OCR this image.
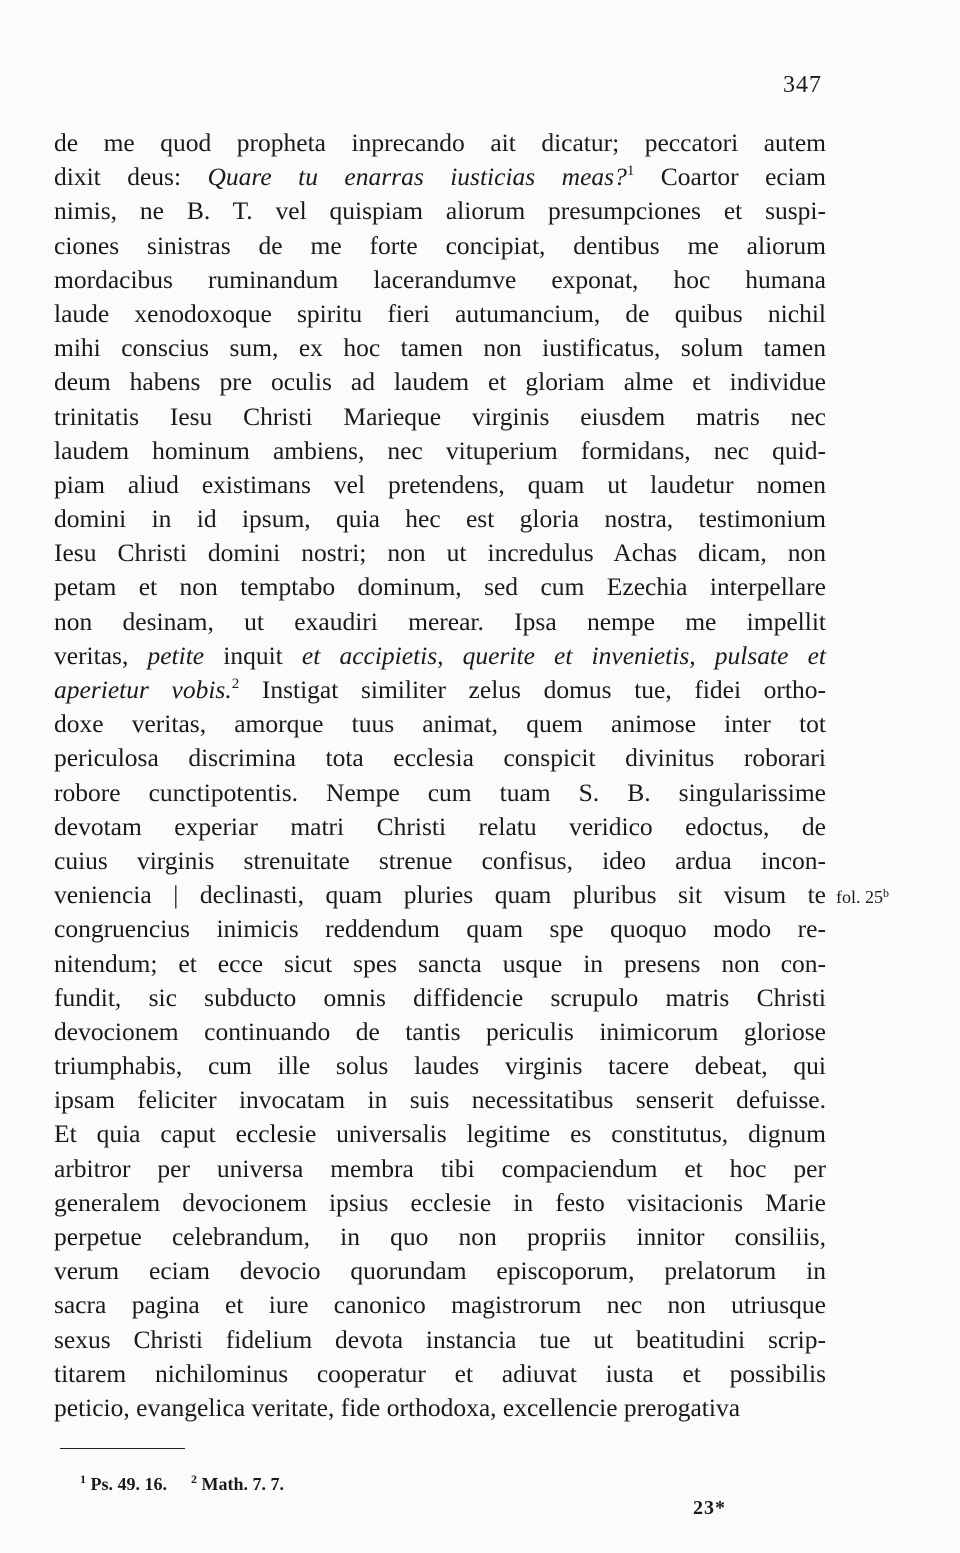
347
de me quod propheta inprecando ait dicatur; peccatori autem
dixit deus: Quare tu enarras iusticias meas?$^1$ Coartor eciam
nimis, ne B. T. vel quispiam aliorum presumpciones et suspi-
ciones sinistras de me forte concipiat, dentibus me aliorum
mordacibus ruminandum lacerandumve exponat, hoc humana
laude xenodoxoque spiritu fieri autumancium, de quibus nichil
mihi conscius sum, ex hoc tamen non iustificatus, solum tamen
deum habens pre oculis ad laudem et gloriam alme et individue
trinitatis Iesu Christi Marieque virginis eiusdem matris nec
laudem hominum ambiens, nec vituperium formidans, nec quid-
piam aliud existimans vel pretendens, quam ut laudetur nomen
domini in id ipsum, quia hec est gloria nostra, testimonium
Iesu Christi domini nostri; non ut incredulus Achas dicam, non
petam et non temptabo dominum, sed cum Ezechia interpellare
non desinam, ut exaudiri merear. Ipsa nempe me impellit
veritas, petite inquit et accipietis, querite et invenietis, pulsate et
aperietur vobis.$^2$ Instigat similiter zelus domus tue, fidei ortho-
doxe veritas, amorque tuus animat, quem animose inter tot
periculosa discrimina tota ecclesia conspicit divinitus roborari
robore cunctipotentis. Nempe cum tuam S. B. singularissime
devotam experiar matri Christi relatu veridico edoctus, de
cuius virginis strenuitate strenue confisus, ideo ardua incon-
veniencia | declinasti, quam pluries quam pluribus sit visum te
congruencius inimicis reddendum quam spe quoquo modo re-
nitendum; et ecce sicut spes sancta usque in presens non con-
fundit, sic subducto omnis diffidencie scrupulo matris Christi
devocionem continuando de tantis periculis inimicorum gloriose
triumphabis, cum ille solus laudes virginis tacere debeat, qui
ipsam feliciter invocatam in suis necessitatibus senserit defuisse.
Et quia caput ecclesie universalis legitime es constitutus, dignum
arbitror per universa membra tibi compaciendum et hoc per
generalem devocionem ipsius ecclesie in festo visitacionis Marie
perpetue celebrandum, in quo non propriis innitor consiliis,
verum eciam devocio quorundam episcoporum, prelatorum in
sacra pagina et iure canonico magistrorum nec non utriusque
sexus Christi fidelium devota instancia tue ut beatitudini scrip-
titarem nichilominus cooperatur et adiuvat iusta et possibilis
peticio, evangelica veritate, fide orthodoxa, excellencie prerogativa
fol. 25$^b$
$^1$ Ps. 49. 16. $^2$ Math. 7. 7.
23*
